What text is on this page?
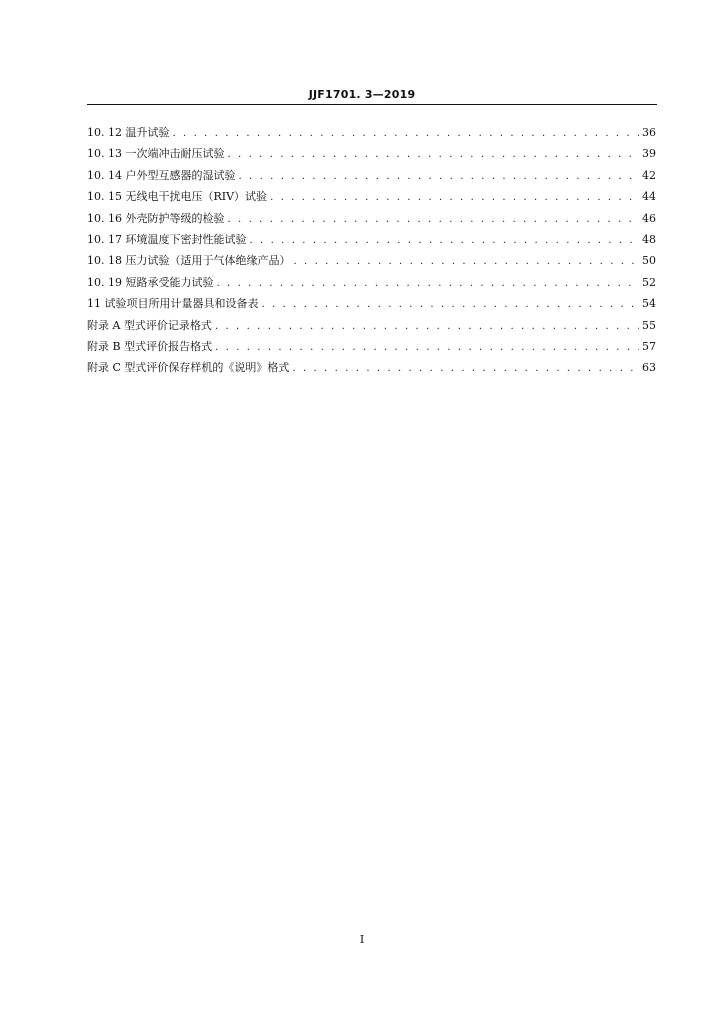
JJF1701. 3—2019
10. 12 温升试验 . . .	36
10. 13 一次端冲击耐压试验 . . .	39
10. 14 户外型互感器的湿试验 . . .	42
10. 15 无线电干扰电压（RIV）试验 . . .	44
10. 16 外壳防护等级的检验 . . .	46
10. 17 环境温度下密封性能试验 . . .	48
10. 18 压力试验（适用于气体绝缘产品） . . .	50
10. 19 短路承受能力试验 . . .	52
11 试验项目所用计量器具和设备表 . . .	54
附录 A 型式评价记录格式 . . .	55
附录 B 型式评价报告格式 . . .	57
附录 C 型式评价保存样机的《说明》格式 . . .	63
I
